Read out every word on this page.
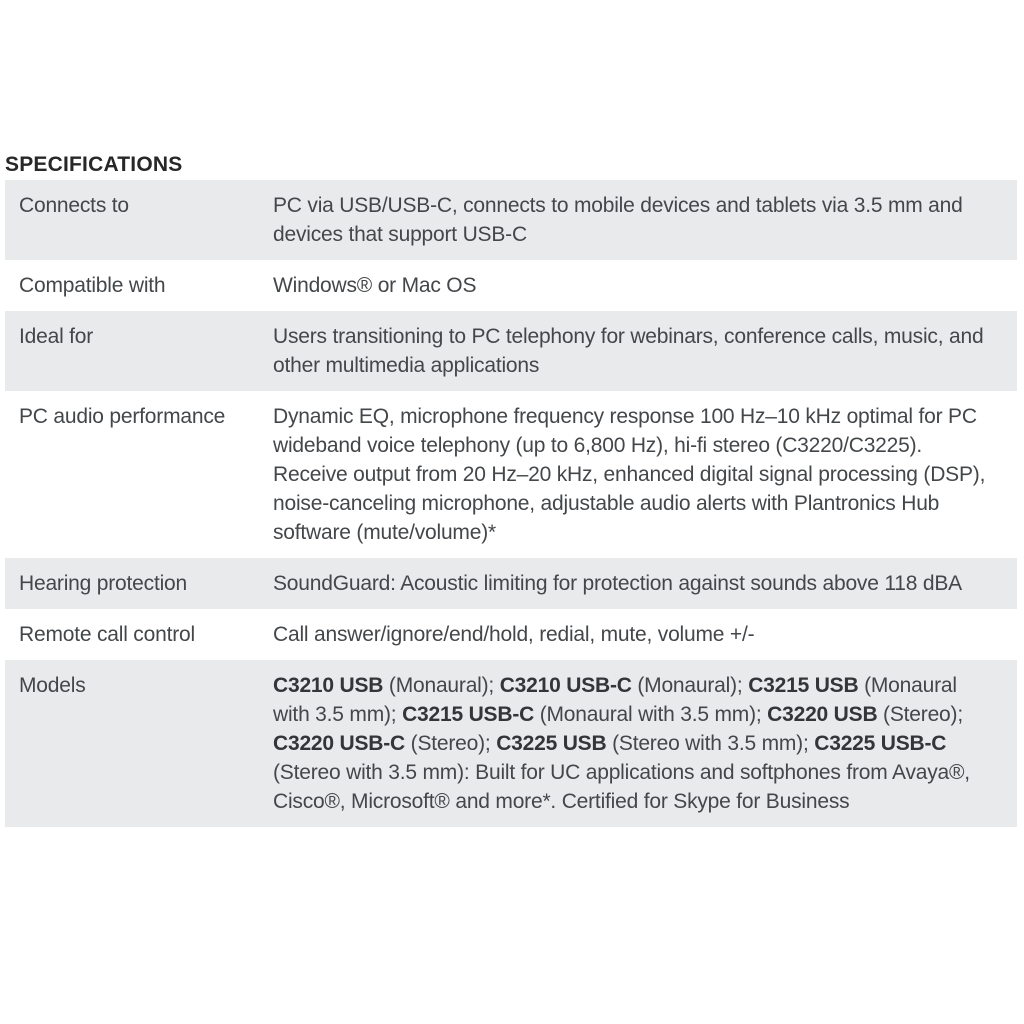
SPECIFICATIONS
Connects to	PC via USB/USB-C, connects to mobile devices and tablets via 3.5 mm and devices that support USB-C
Compatible with	Windows® or Mac OS
Ideal for	Users transitioning to PC telephony for webinars, conference calls, music, and other multimedia applications
PC audio performance	Dynamic EQ, microphone frequency response 100 Hz–10 kHz optimal for PC wideband voice telephony (up to 6,800 Hz), hi-fi stereo (C3220/C3225). Receive output from 20 Hz–20 kHz, enhanced digital signal processing (DSP), noise-canceling microphone, adjustable audio alerts with Plantronics Hub software (mute/volume)*
Hearing protection	SoundGuard: Acoustic limiting for protection against sounds above 118 dBA
Remote call control	Call answer/ignore/end/hold, redial, mute, volume +/-
Models	C3210 USB (Monaural); C3210 USB-C (Monaural); C3215 USB (Monaural with 3.5 mm); C3215 USB-C (Monaural with 3.5 mm); C3220 USB (Stereo); C3220 USB-C (Stereo); C3225 USB (Stereo with 3.5 mm); C3225 USB-C (Stereo with 3.5 mm): Built for UC applications and softphones from Avaya®, Cisco®, Microsoft® and more*. Certified for Skype for Business
